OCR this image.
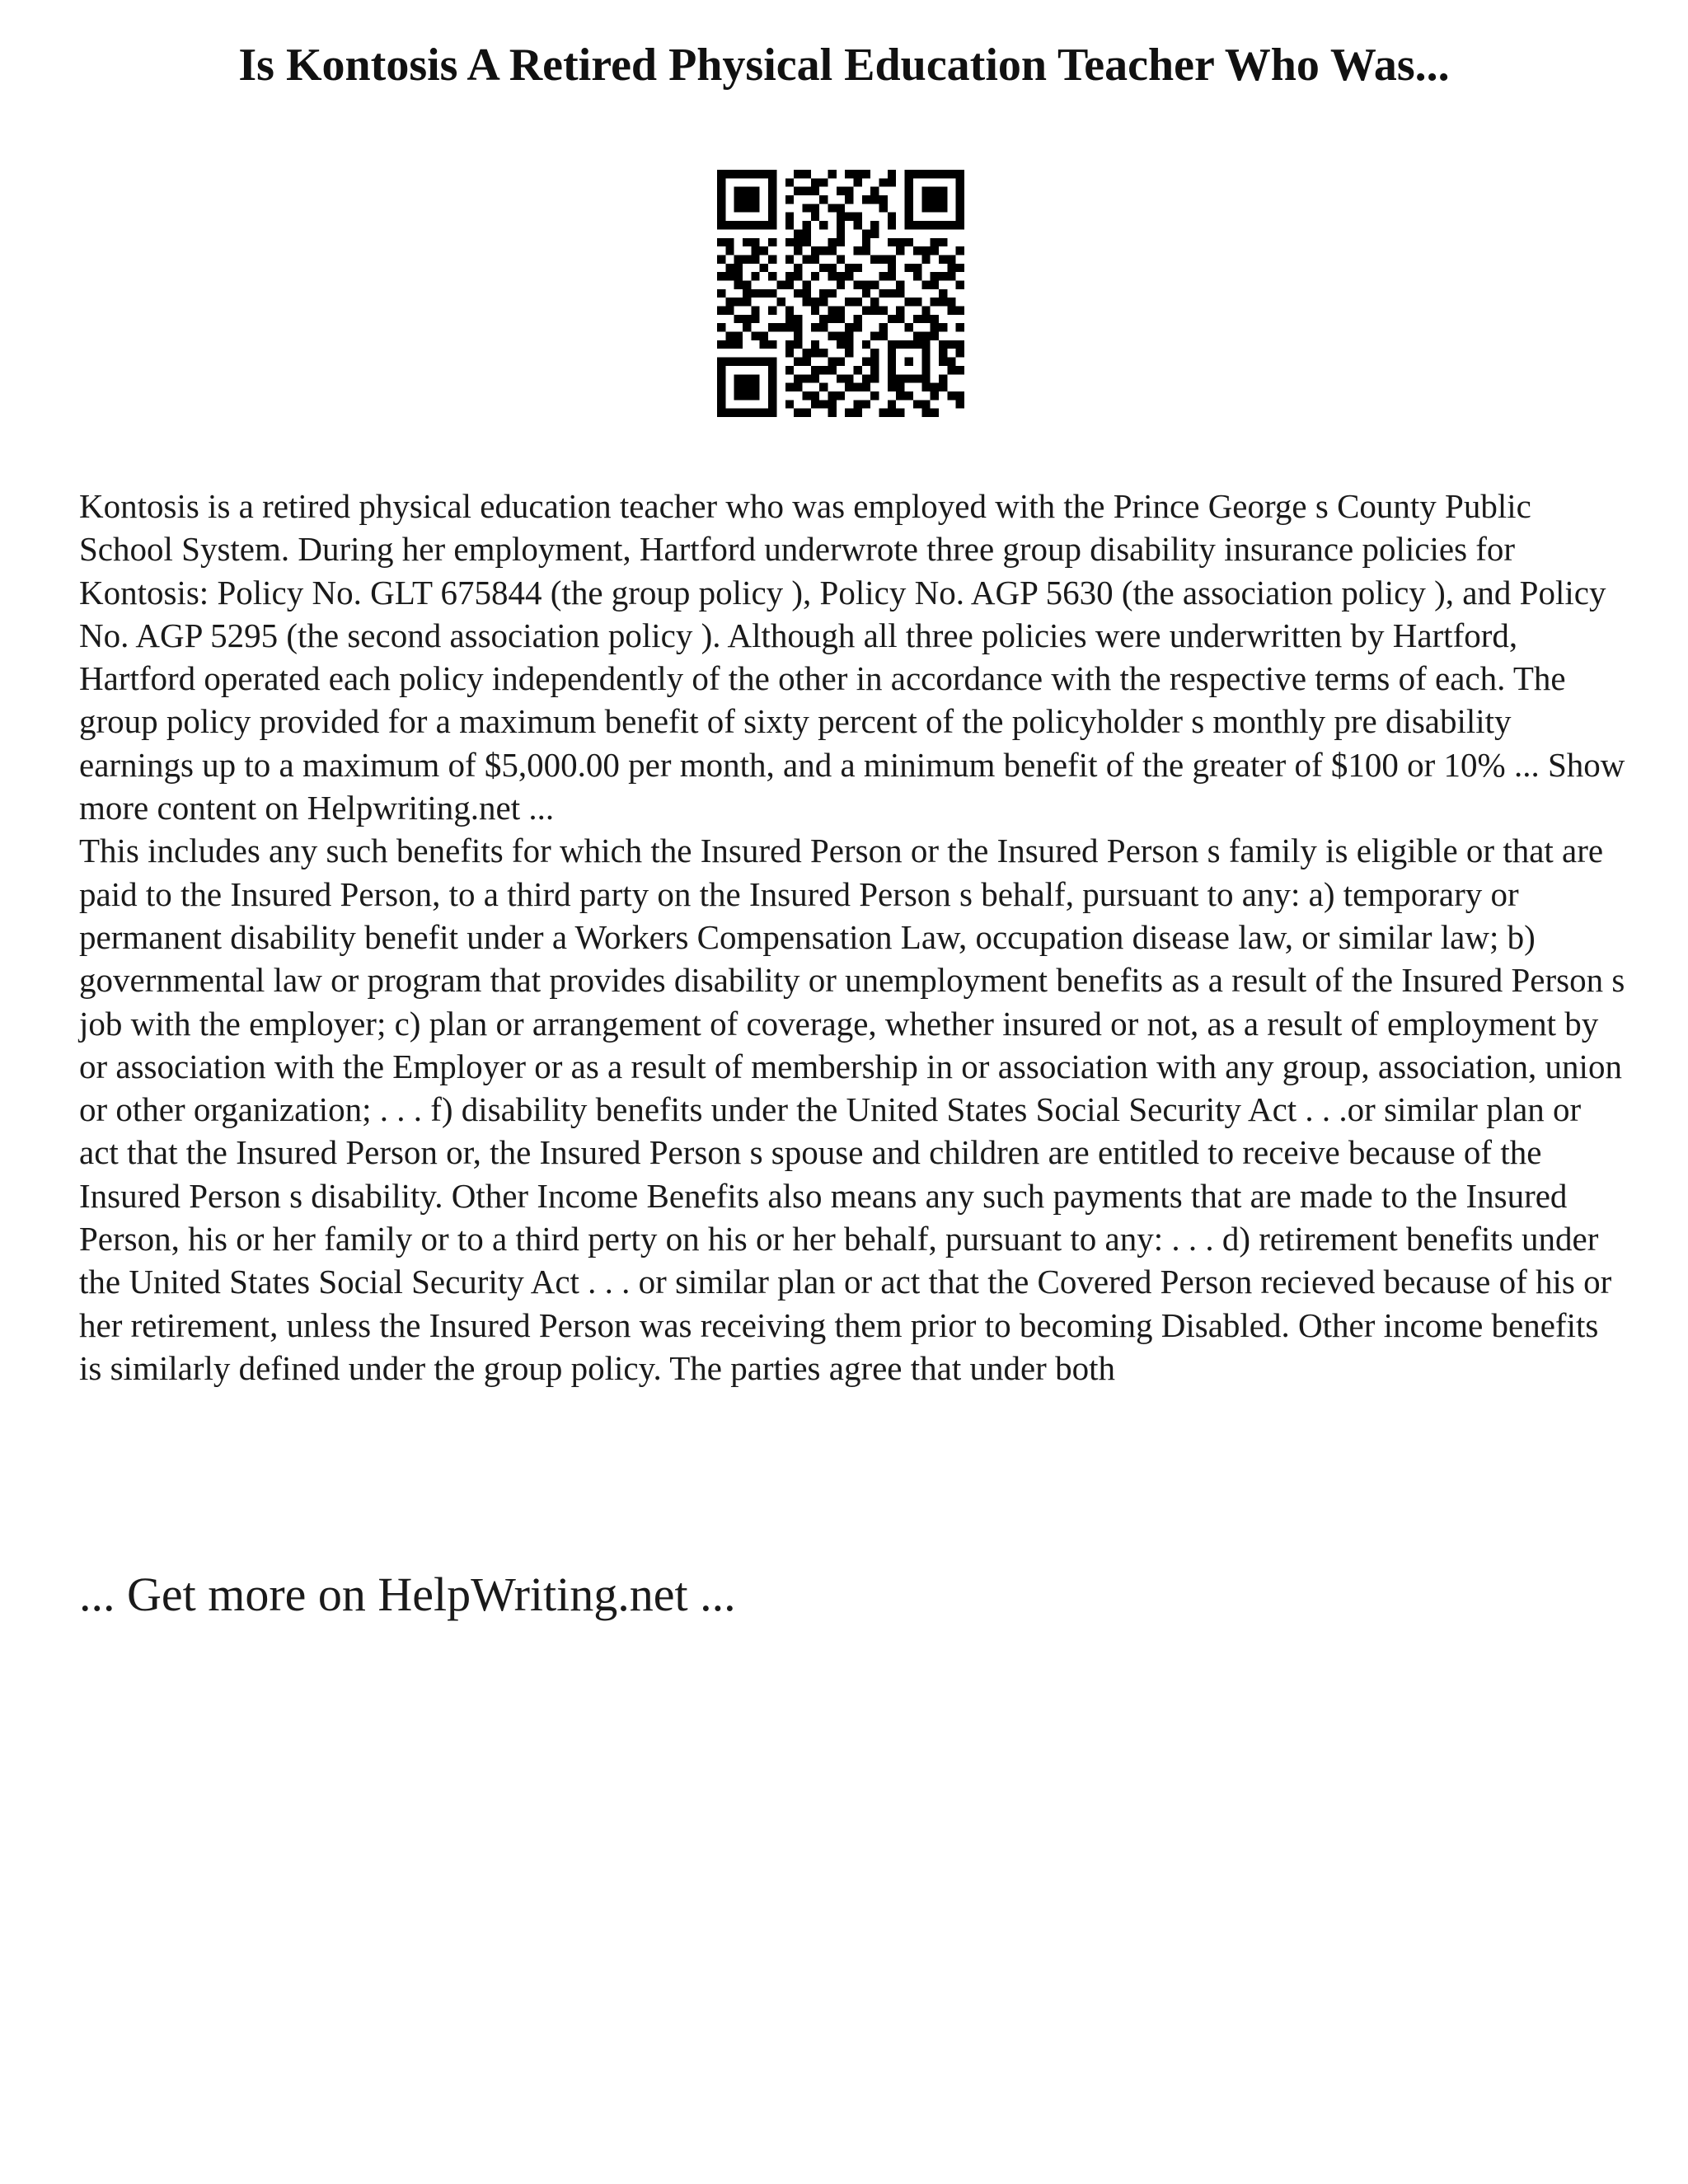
Is Kontosis A Retired Physical Education Teacher Who Was...

Kontosis is a retired physical education teacher who was employed with the Prince George s County Public School System. During her employment, Hartford underwrote three group disability insurance policies for Kontosis: Policy No. GLT 675844 (the group policy ), Policy No. AGP 5630 (the association policy ), and Policy No. AGP 5295 (the second association policy ). Although all three policies were underwritten by Hartford, Hartford operated each policy independently of the other in accordance with the respective terms of each. The group policy provided for a maximum benefit of sixty percent of the policyholder s monthly pre disability earnings up to a maximum of $5,000.00 per month, and a minimum benefit of the greater of $100 or 10% ... Show more content on Helpwriting.net ...

This includes any such benefits for which the Insured Person or the Insured Person s family is eligible or that are paid to the Insured Person, to a third party on the Insured Person s behalf, pursuant to any: a) temporary or permanent disability benefit under a Workers Compensation Law, occupation disease law, or similar law; b) governmental law or program that provides disability or unemployment benefits as a result of the Insured Person s job with the employer; c) plan or arrangement of coverage, whether insured or not, as a result of employment by or association with the Employer or as a result of membership in or association with any group, association, union or other organization; . . . f) disability benefits under the United States Social Security Act . . .or similar plan or act that the Insured Person or, the Insured Person s spouse and children are entitled to receive because of the Insured Person s disability. Other Income Benefits also means any such payments that are made to the Insured Person, his or her family or to a third perty on his or her behalf, pursuant to any: . . . d) retirement benefits under the United States Social Security Act . . . or similar plan or act that the Covered Person recieved because of his or her retirement, unless the Insured Person was receiving them prior to becoming Disabled. Other income benefits is similarly defined under the group policy. The parties agree that under both

... Get more on HelpWriting.net ...
